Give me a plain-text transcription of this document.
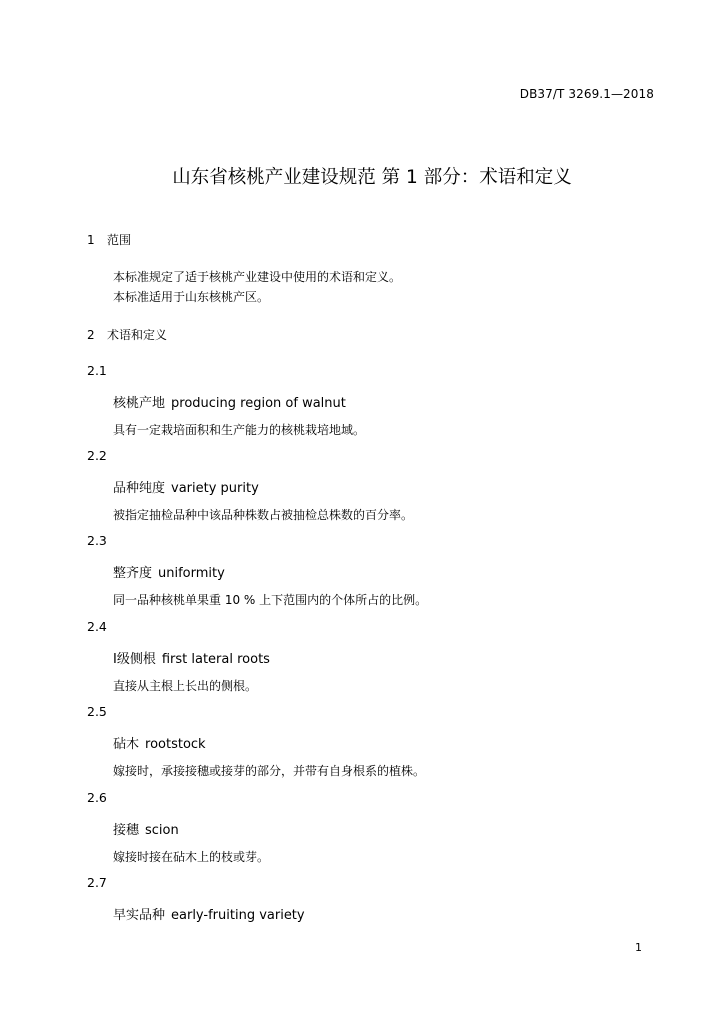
DB37/T 3269.1—2018
山东省核桃产业建设规范 第 1 部分：术语和定义
1 范围

本标准规定了适于核桃产业建设中使用的术语和定义。

本标准适用于山东核桃产区。

2 术语和定义
2.1
核桃产地 producing region of walnut

具有一定栽培面积和生产能力的核桃栽培地域。

2.2
品种纯度 variety purity

被指定抽检品种中该品种株数占被抽检总株数的百分率。

2.3
整齐度 uniformity

同一品种核桃单果重 10 % 上下范围内的个体所占的比例。

2.4
Ⅰ级侧根 first lateral roots

直接从主根上长出的侧根。

2.5
砧木 rootstock

嫁接时，承接接穗或接芽的部分，并带有自身根系的植株。

2.6
接穗 scion

嫁接时接在砧木上的枝或芽。

2.7
早实品种 early-fruiting variety
1
